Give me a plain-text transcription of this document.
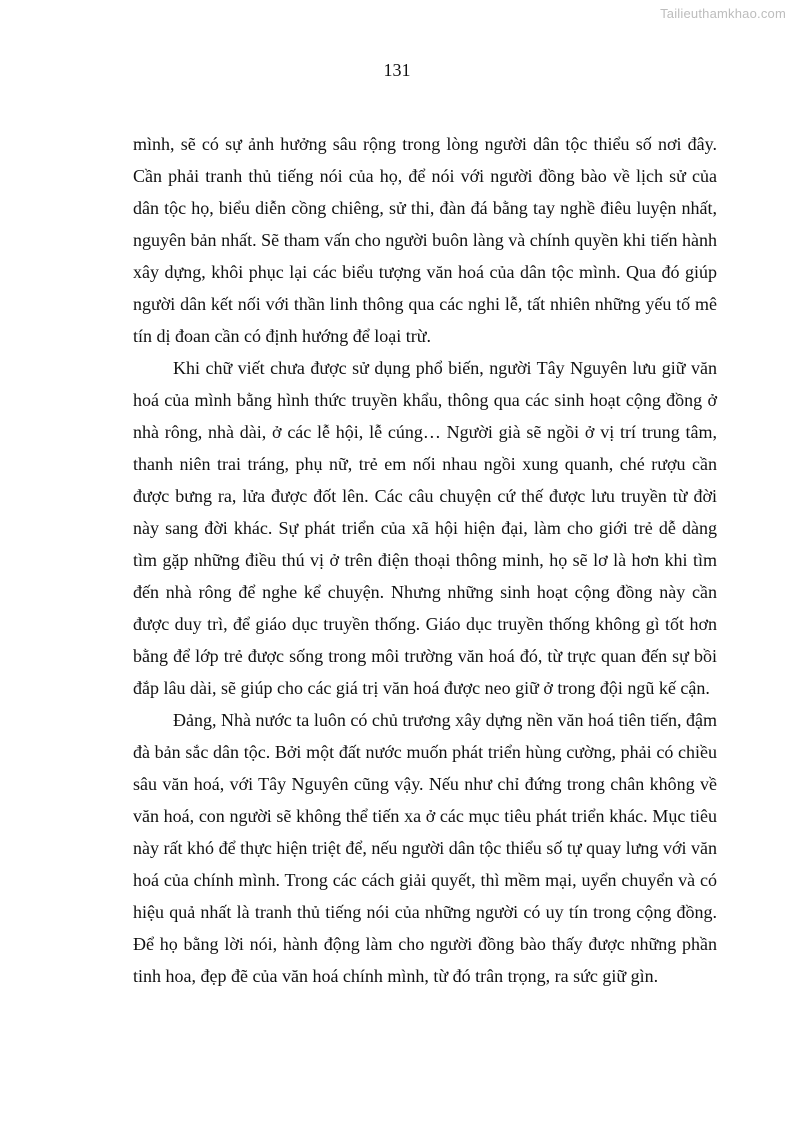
Tailieuthamkhao.com
131

mình, sẽ có sự ảnh hưởng sâu rộng trong lòng người dân tộc thiểu số nơi đây. Cần phải tranh thủ tiếng nói của họ, để nói với người đồng bào về lịch sử của dân tộc họ, biểu diễn cồng chiêng, sử thi, đàn đá bằng tay nghề điêu luyện nhất, nguyên bản nhất. Sẽ tham vấn cho người buôn làng và chính quyền khi tiến hành xây dựng, khôi phục lại các biểu tượng văn hoá của dân tộc mình. Qua đó giúp người dân kết nối với thần linh thông qua các nghi lễ, tất nhiên những yếu tố mê tín dị đoan cần có định hướng để loại trừ.

Khi chữ viết chưa được sử dụng phổ biến, người Tây Nguyên lưu giữ văn hoá của mình bằng hình thức truyền khẩu, thông qua các sinh hoạt cộng đồng ở nhà rông, nhà dài, ở các lễ hội, lễ cúng… Người già sẽ ngồi ở vị trí trung tâm, thanh niên trai tráng, phụ nữ, trẻ em nối nhau ngồi xung quanh, ché rượu cần được bưng ra, lửa được đốt lên. Các câu chuyện cứ thế được lưu truyền từ đời này sang đời khác. Sự phát triển của xã hội hiện đại, làm cho giới trẻ dễ dàng tìm gặp những điều thú vị ở trên điện thoại thông minh, họ sẽ lơ là hơn khi tìm đến nhà rông để nghe kể chuyện. Nhưng những sinh hoạt cộng đồng này cần được duy trì, để giáo dục truyền thống. Giáo dục truyền thống không gì tốt hơn bằng để lớp trẻ được sống trong môi trường văn hoá đó, từ trực quan đến sự bồi đắp lâu dài, sẽ giúp cho các giá trị văn hoá được neo giữ ở trong đội ngũ kế cận.

Đảng, Nhà nước ta luôn có chủ trương xây dựng nền văn hoá tiên tiến, đậm đà bản sắc dân tộc. Bởi một đất nước muốn phát triển hùng cường, phải có chiều sâu văn hoá, với Tây Nguyên cũng vậy. Nếu như chỉ đứng trong chân không về văn hoá, con người sẽ không thể tiến xa ở các mục tiêu phát triển khác. Mục tiêu này rất khó để thực hiện triệt để, nếu người dân tộc thiểu số tự quay lưng với văn hoá của chính mình. Trong các cách giải quyết, thì mềm mại, uyển chuyển và có hiệu quả nhất là tranh thủ tiếng nói của những người có uy tín trong cộng đồng. Để họ bằng lời nói, hành động làm cho người đồng bào thấy được những phần tinh hoa, đẹp đẽ của văn hoá chính mình, từ đó trân trọng, ra sức giữ gìn.
